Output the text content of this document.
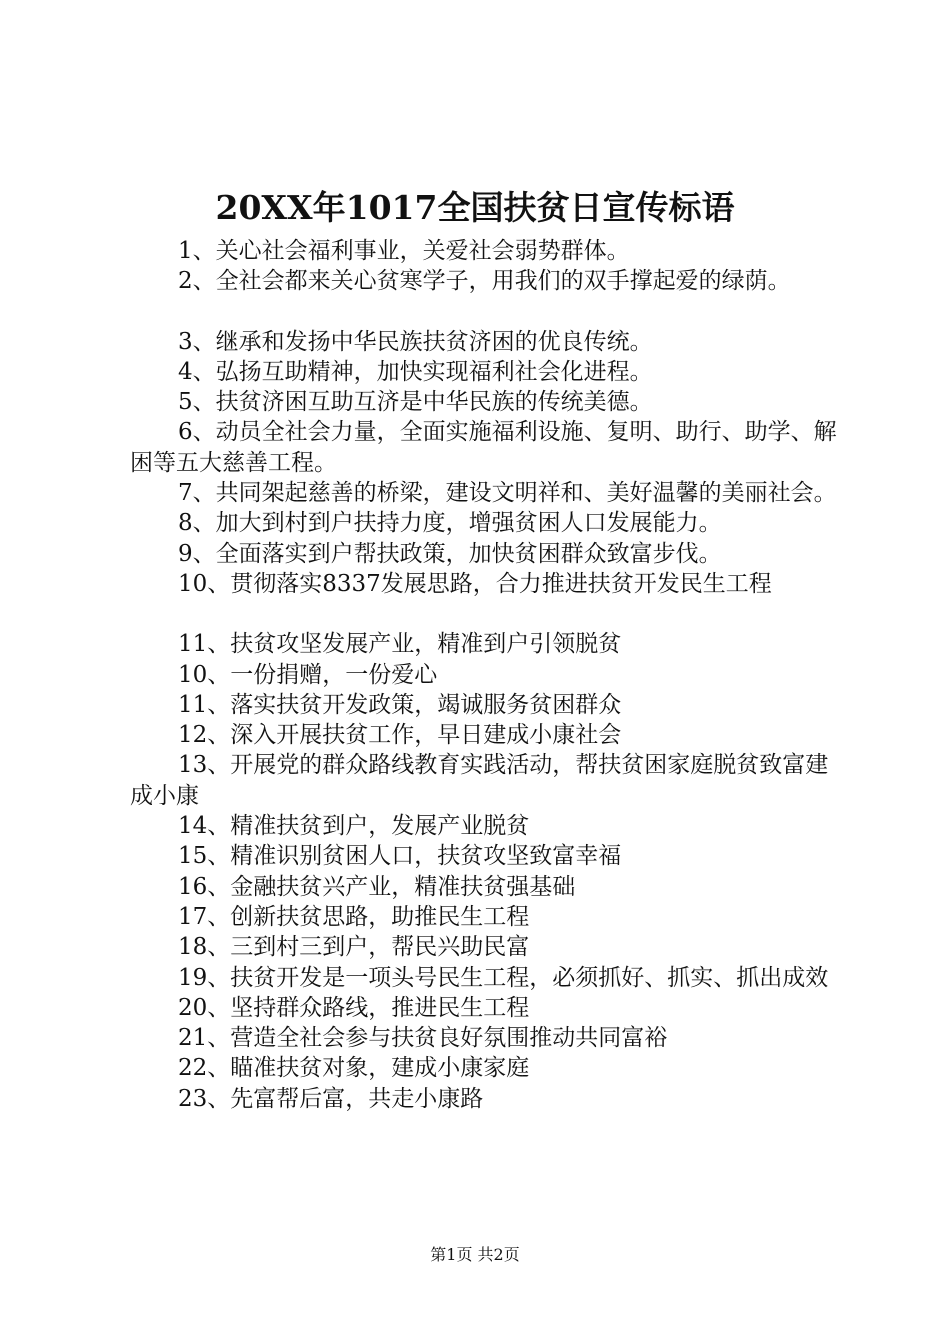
20XX年1017全国扶贫日宣传标语

1、关心社会福利事业，关爱社会弱势群体。

2、全社会都来关心贫寒学子，用我们的双手撑起爱的绿荫。

3、继承和发扬中华民族扶贫济困的优良传统。

4、弘扬互助精神，加快实现福利社会化进程。

5、扶贫济困互助互济是中华民族的传统美德。

6、动员全社会力量，全面实施福利设施、复明、助行、助学、解困等五大慈善工程。

7、共同架起慈善的桥梁，建设文明祥和、美好温馨的美丽社会。

8、加大到村到户扶持力度，增强贫困人口发展能力。

9、全面落实到户帮扶政策，加快贫困群众致富步伐。

10、贯彻落实8337发展思路，合力推进扶贫开发民生工程

11、扶贫攻坚发展产业，精准到户引领脱贫

10、一份捐赠，一份爱心

11、落实扶贫开发政策，竭诚服务贫困群众

12、深入开展扶贫工作，早日建成小康社会

13、开展党的群众路线教育实践活动，帮扶贫困家庭脱贫致富建成小康

14、精准扶贫到户，发展产业脱贫

15、精准识别贫困人口，扶贫攻坚致富幸福

16、金融扶贫兴产业，精准扶贫强基础

17、创新扶贫思路，助推民生工程

18、三到村三到户，帮民兴助民富

19、扶贫开发是一项头号民生工程，必须抓好、抓实、抓出成效

20、坚持群众路线，推进民生工程

21、营造全社会参与扶贫良好氛围推动共同富裕

22、瞄准扶贫对象，建成小康家庭

23、先富帮后富，共走小康路

第1页 共2页
